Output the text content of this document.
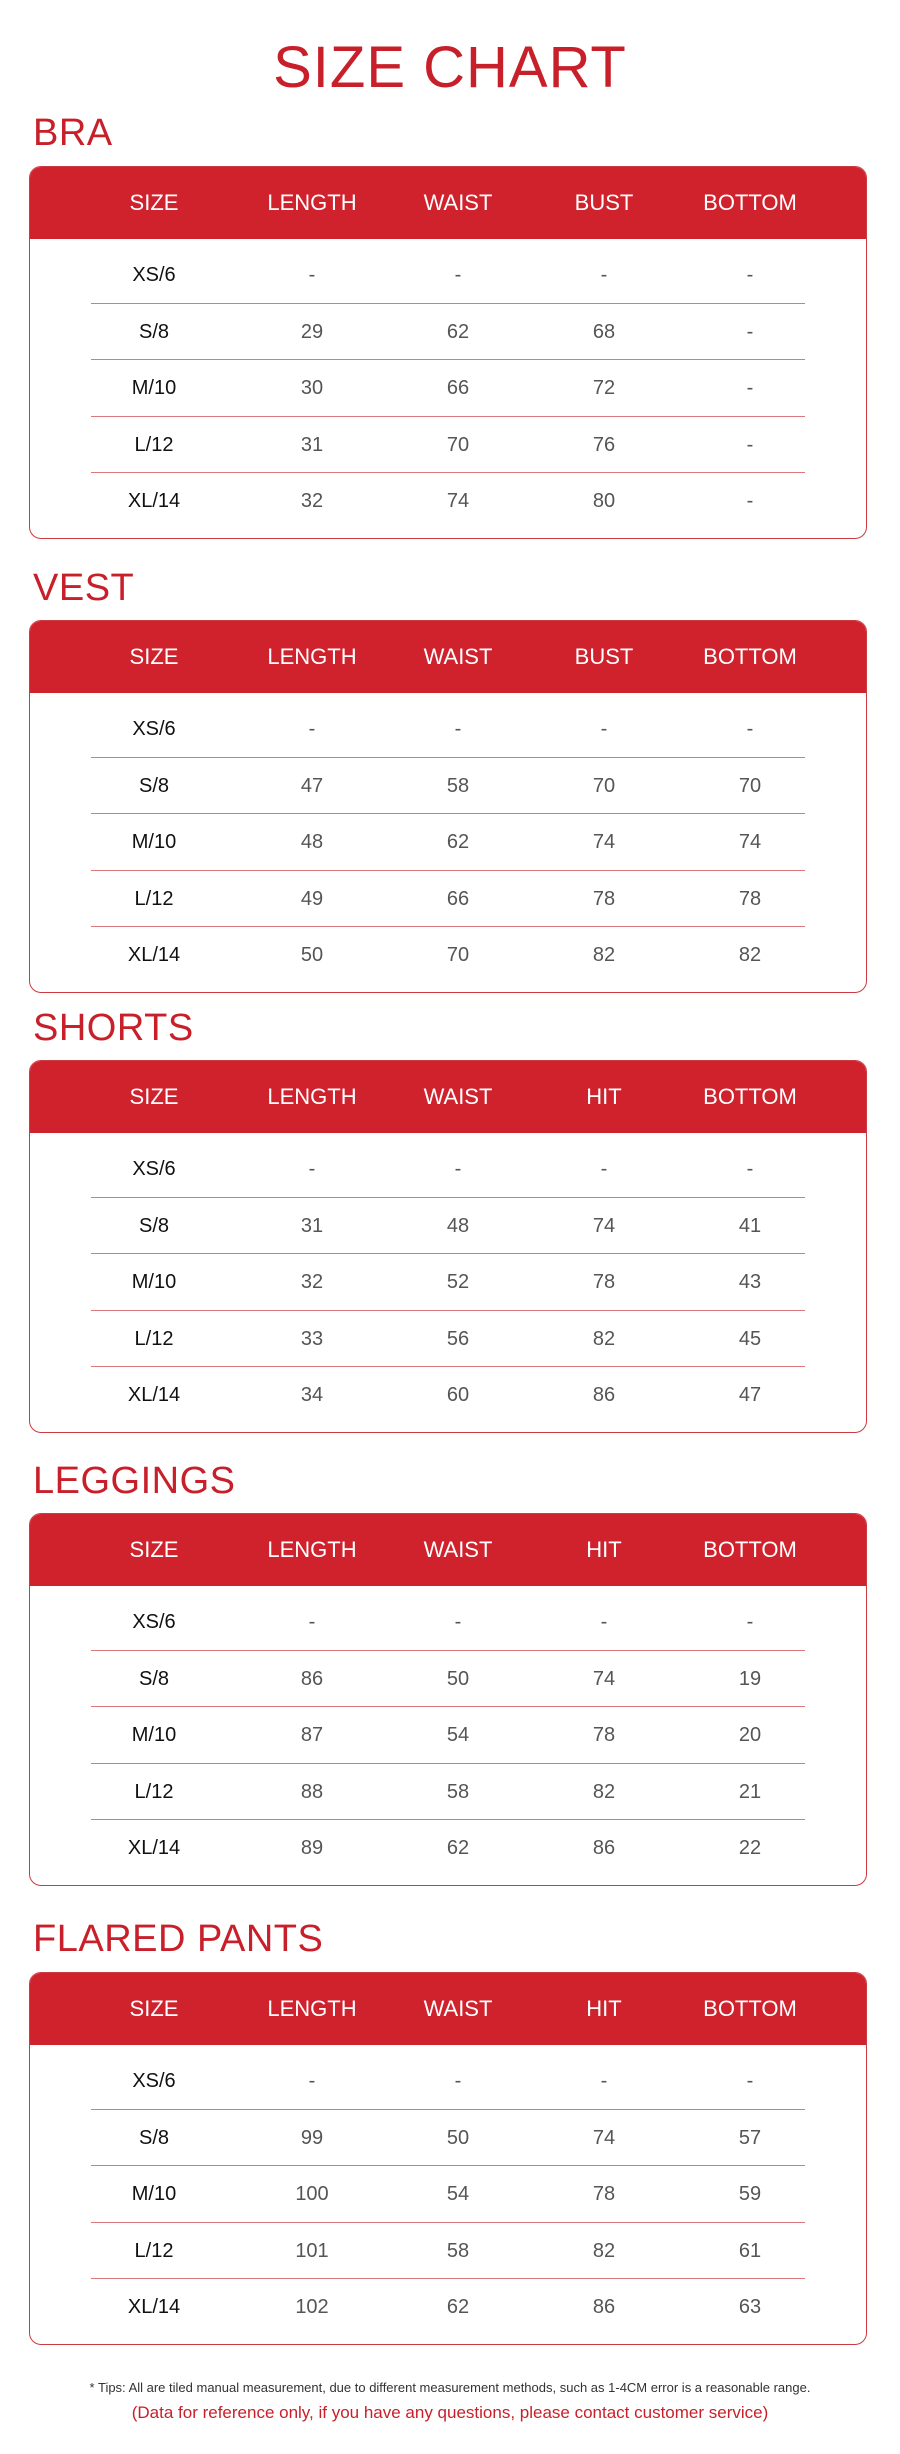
SIZE CHART
BRA
SIZE	LENGTH	WAIST	BUST	BOTTOM
XS/6	-	-	-	-
S/8	29	62	68	-
M/10	30	66	72	-
L/12	31	70	76	-
XL/14	32	74	80	-
VEST
SIZE	LENGTH	WAIST	BUST	BOTTOM
XS/6	-	-	-	-
S/8	47	58	70	70
M/10	48	62	74	74
L/12	49	66	78	78
XL/14	50	70	82	82
SHORTS
SIZE	LENGTH	WAIST	HIT	BOTTOM
XS/6	-	-	-	-
S/8	31	48	74	41
M/10	32	52	78	43
L/12	33	56	82	45
XL/14	34	60	86	47
LEGGINGS
SIZE	LENGTH	WAIST	HIT	BOTTOM
XS/6	-	-	-	-
S/8	86	50	74	19
M/10	87	54	78	20
L/12	88	58	82	21
XL/14	89	62	86	22
FLARED PANTS
SIZE	LENGTH	WAIST	HIT	BOTTOM
XS/6	-	-	-	-
S/8	99	50	74	57
M/10	100	54	78	59
L/12	101	58	82	61
XL/14	102	62	86	63

* Tips: All are tiled manual measurement, due to different measurement methods, such as 1-4CM error is a reasonable range.

(Data for reference only, if you have any questions, please contact customer service)
